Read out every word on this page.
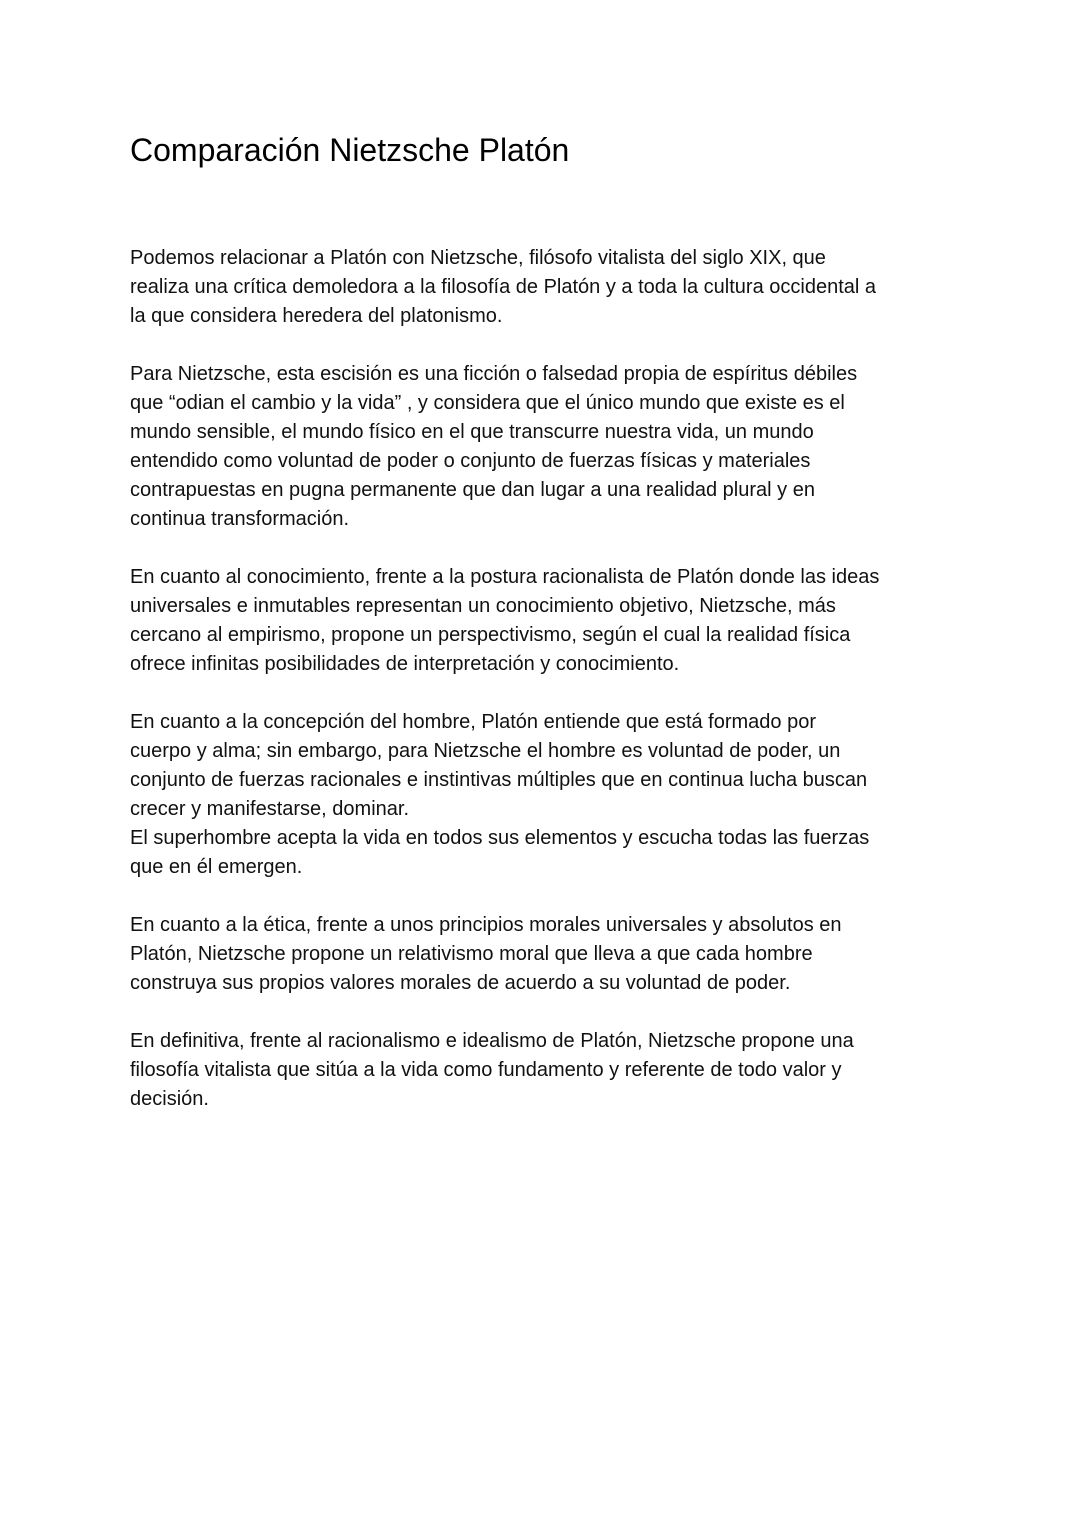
Comparación Nietzsche Platón

Podemos relacionar a Platón con Nietzsche, filósofo vitalista del siglo XIX, que
realiza una crítica demoledora a la filosofía de Platón y a toda la cultura occidental a
la que considera heredera del platonismo.

Para Nietzsche, esta escisión es una ficción o falsedad propia de espíritus débiles
que “odian el cambio y la vida” , y considera que el único mundo que existe es el
mundo sensible, el mundo físico en el que transcurre nuestra vida, un mundo
entendido como voluntad de poder o conjunto de fuerzas físicas y materiales
contrapuestas en pugna permanente que dan lugar a una realidad plural y en
continua transformación.

En cuanto al conocimiento, frente a la postura racionalista de Platón donde las ideas
universales e inmutables representan un conocimiento objetivo, Nietzsche, más
cercano al empirismo, propone un perspectivismo, según el cual la realidad física
ofrece infinitas posibilidades de interpretación y conocimiento.

En cuanto a la concepción del hombre, Platón entiende que está formado por
cuerpo y alma; sin embargo, para Nietzsche el hombre es voluntad de poder, un
conjunto de fuerzas racionales e instintivas múltiples que en continua lucha buscan
crecer y manifestarse, dominar.
El superhombre acepta la vida en todos sus elementos y escucha todas las fuerzas
que en él emergen.

En cuanto a la ética, frente a unos principios morales universales y absolutos en
Platón, Nietzsche propone un relativismo moral que lleva a que cada hombre
construya sus propios valores morales de acuerdo a su voluntad de poder.

En definitiva, frente al racionalismo e idealismo de Platón, Nietzsche propone una
filosofía vitalista que sitúa a la vida como fundamento y referente de todo valor y
decisión.
